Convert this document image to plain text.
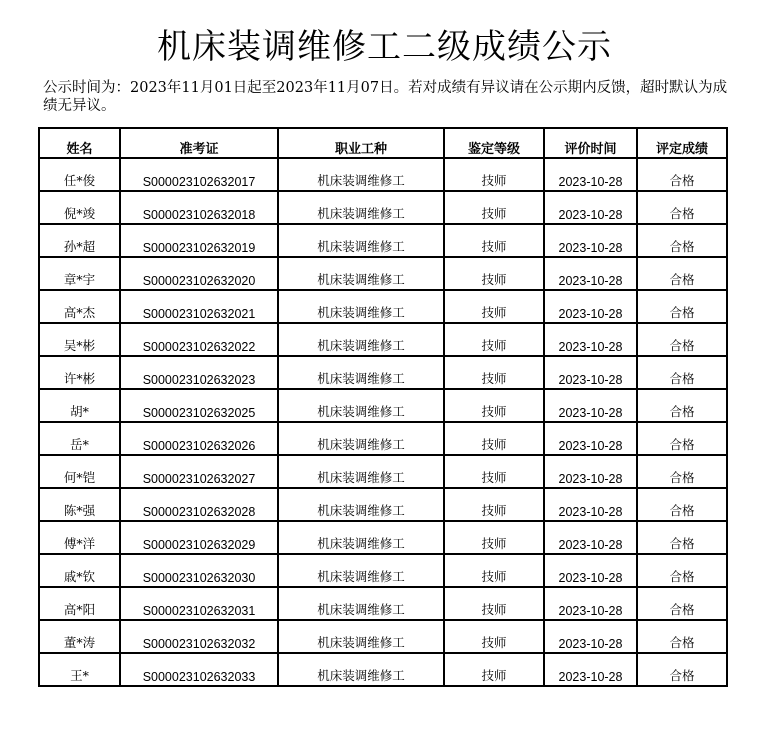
机床装调维修工二级成绩公示
公示时间为：2023年11月01日起至2023年11月07日。若对成绩有异议请在公示期内反馈，超时默认为成绩无异议。
姓名	准考证	职业工种	鉴定等级	评价时间	评定成绩
任*俊	S000023102632017	机床装调维修工	技师	2023-10-28	合格
倪*竣	S000023102632018	机床装调维修工	技师	2023-10-28	合格
孙*超	S000023102632019	机床装调维修工	技师	2023-10-28	合格
章*宇	S000023102632020	机床装调维修工	技师	2023-10-28	合格
高*杰	S000023102632021	机床装调维修工	技师	2023-10-28	合格
吴*彬	S000023102632022	机床装调维修工	技师	2023-10-28	合格
许*彬	S000023102632023	机床装调维修工	技师	2023-10-28	合格
胡*	S000023102632025	机床装调维修工	技师	2023-10-28	合格
岳*	S000023102632026	机床装调维修工	技师	2023-10-28	合格
何*铠	S000023102632027	机床装调维修工	技师	2023-10-28	合格
陈*强	S000023102632028	机床装调维修工	技师	2023-10-28	合格
傅*洋	S000023102632029	机床装调维修工	技师	2023-10-28	合格
戚*钦	S000023102632030	机床装调维修工	技师	2023-10-28	合格
高*阳	S000023102632031	机床装调维修工	技师	2023-10-28	合格
董*涛	S000023102632032	机床装调维修工	技师	2023-10-28	合格
王*	S000023102632033	机床装调维修工	技师	2023-10-28	合格
